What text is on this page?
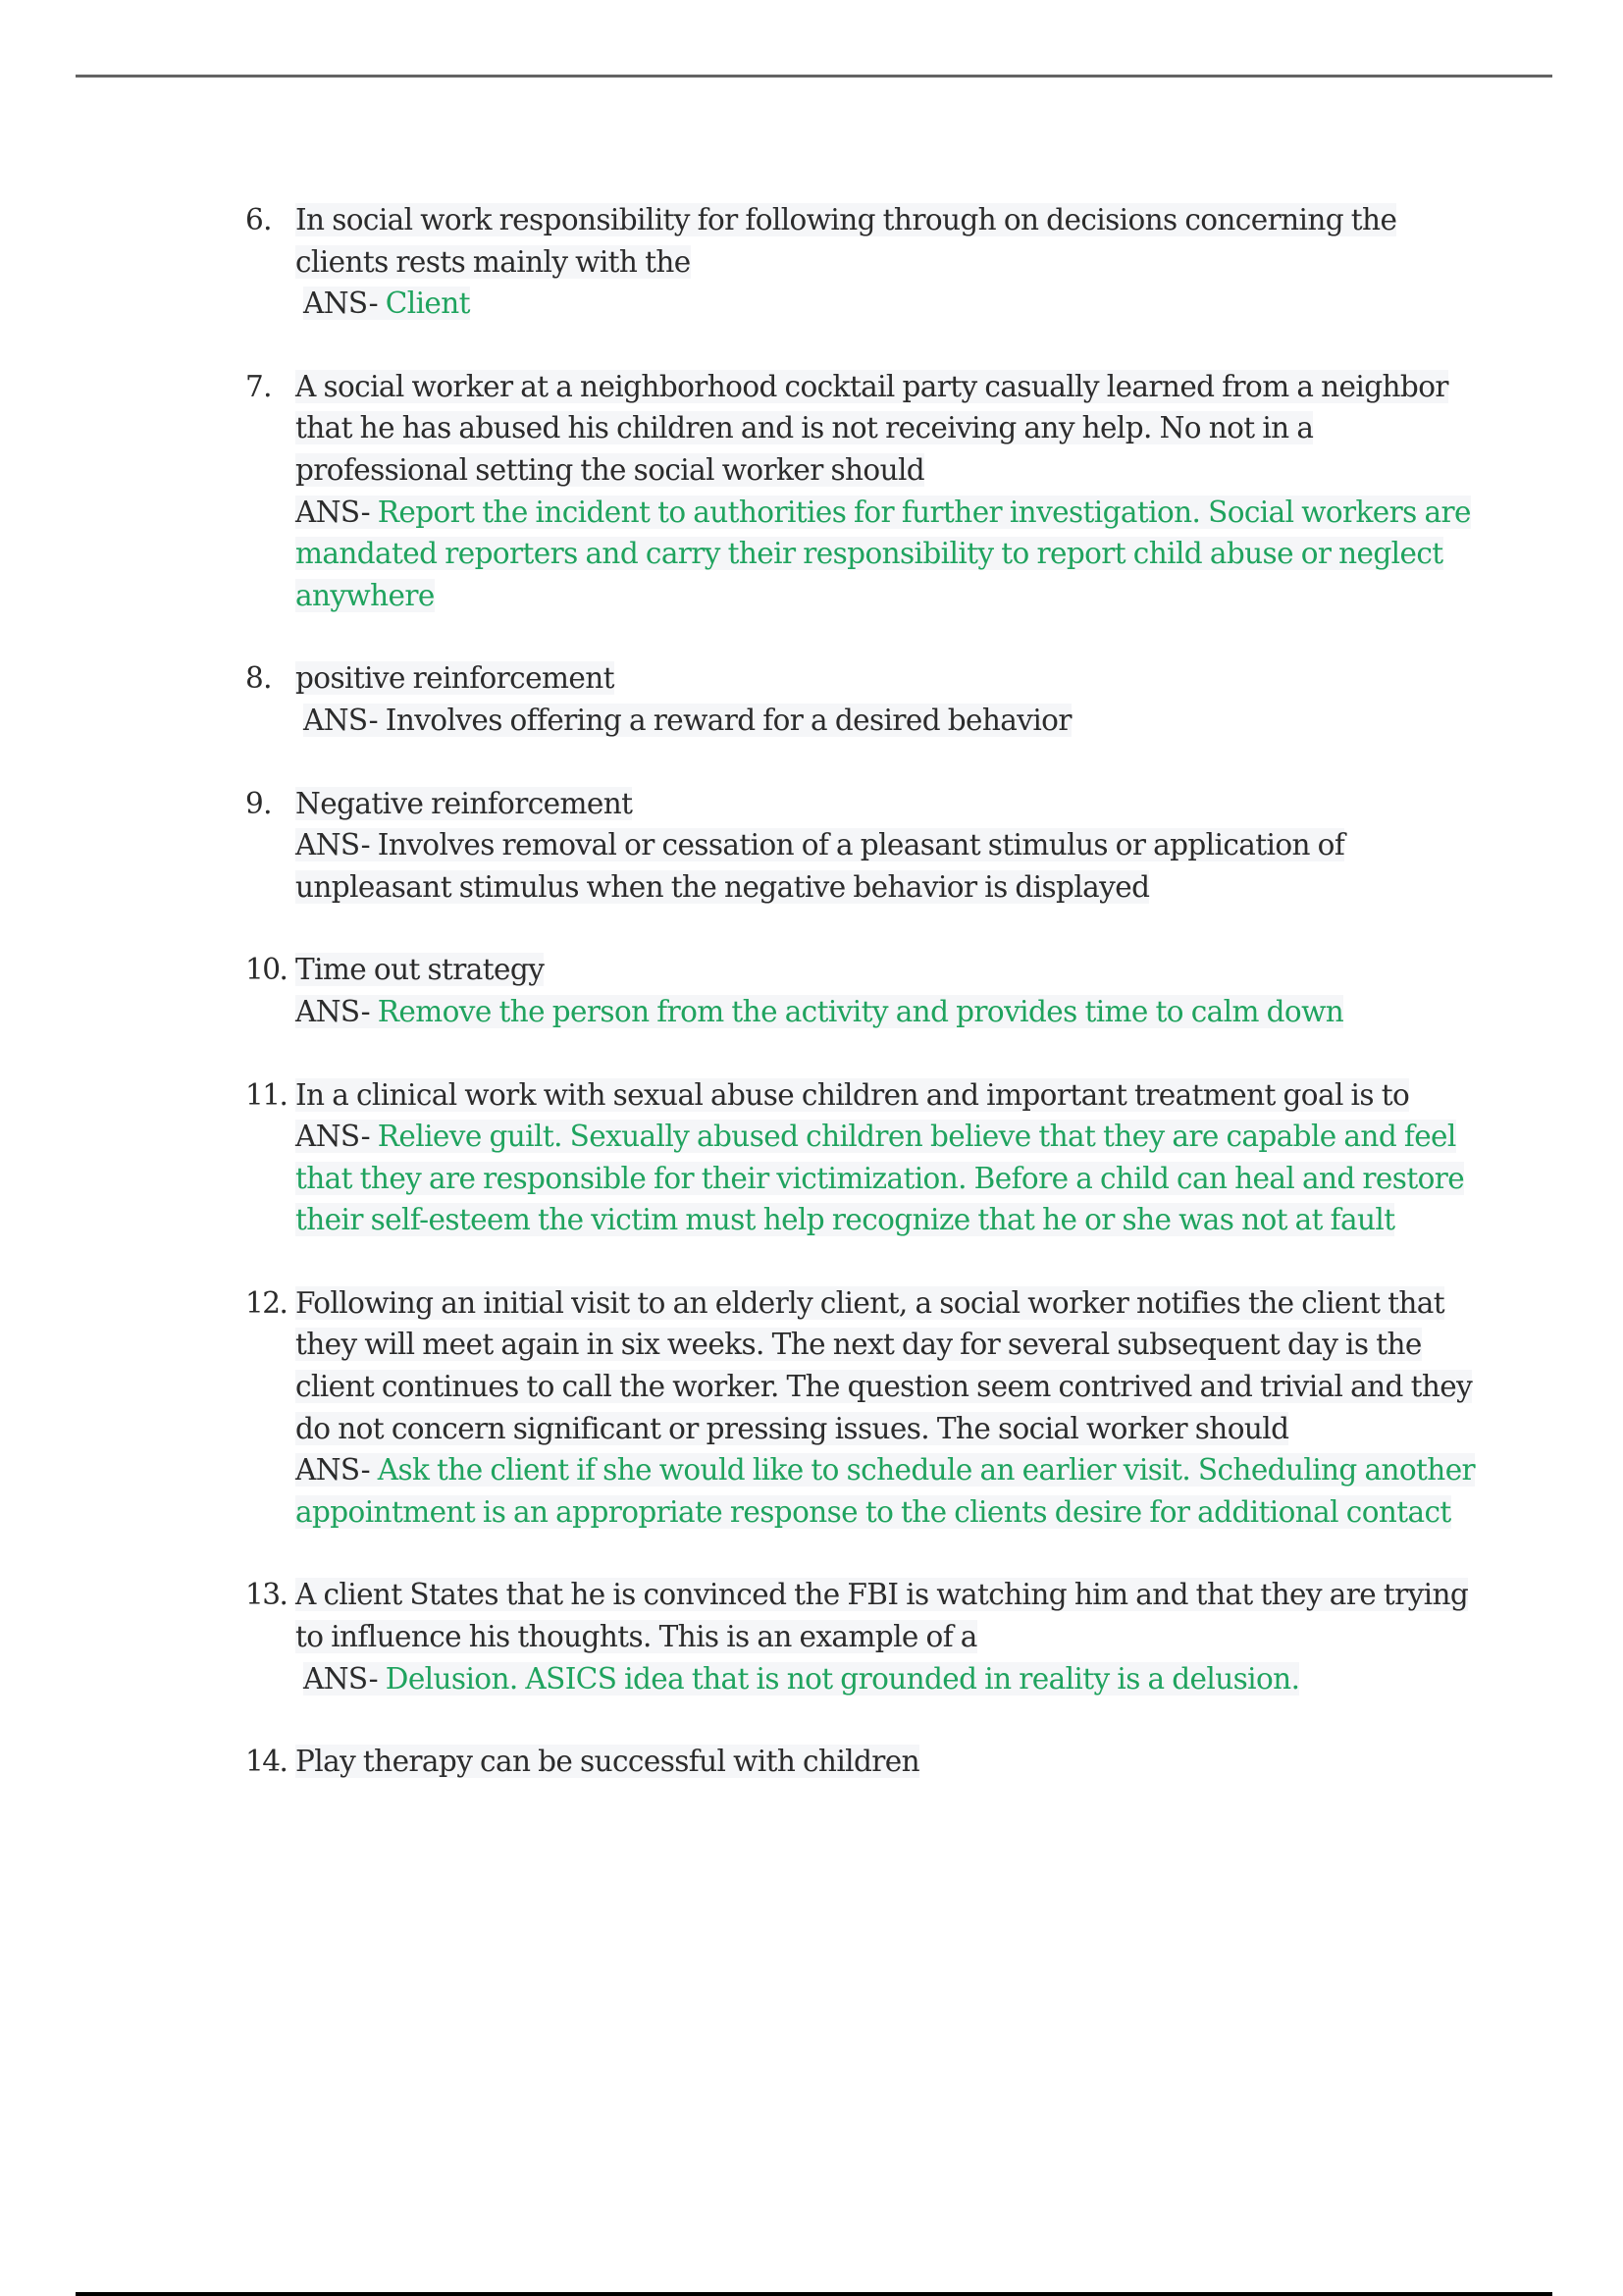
6. In social work responsibility for following through on decisions concerning the clients rests mainly with the
ANS- Client
7. A social worker at a neighborhood cocktail party casually learned from a neighbor that he has abused his children and is not receiving any help. No not in a professional setting the social worker should
ANS- Report the incident to authorities for further investigation. Social workers are mandated reporters and carry their responsibility to report child abuse or neglect anywhere
8. positive reinforcement
ANS- Involves offering a reward for a desired behavior
9. Negative reinforcement
ANS- Involves removal or cessation of a pleasant stimulus or application of unpleasant stimulus when the negative behavior is displayed
10. Time out strategy
ANS- Remove the person from the activity and provides time to calm down
11. In a clinical work with sexual abuse children and important treatment goal is to
ANS- Relieve guilt. Sexually abused children believe that they are capable and feel that they are responsible for their victimization. Before a child can heal and restore their self-esteem the victim must help recognize that he or she was not at fault
12. Following an initial visit to an elderly client, a social worker notifies the client that they will meet again in six weeks. The next day for several subsequent day is the client continues to call the worker. The question seem contrived and trivial and they do not concern significant or pressing issues. The social worker should
ANS- Ask the client if she would like to schedule an earlier visit. Scheduling another appointment is an appropriate response to the clients desire for additional contact
13. A client States that he is convinced the FBI is watching him and that they are trying to influence his thoughts. This is an example of a
ANS- Delusion. ASICS idea that is not grounded in reality is a delusion.
14. Play therapy can be successful with children
